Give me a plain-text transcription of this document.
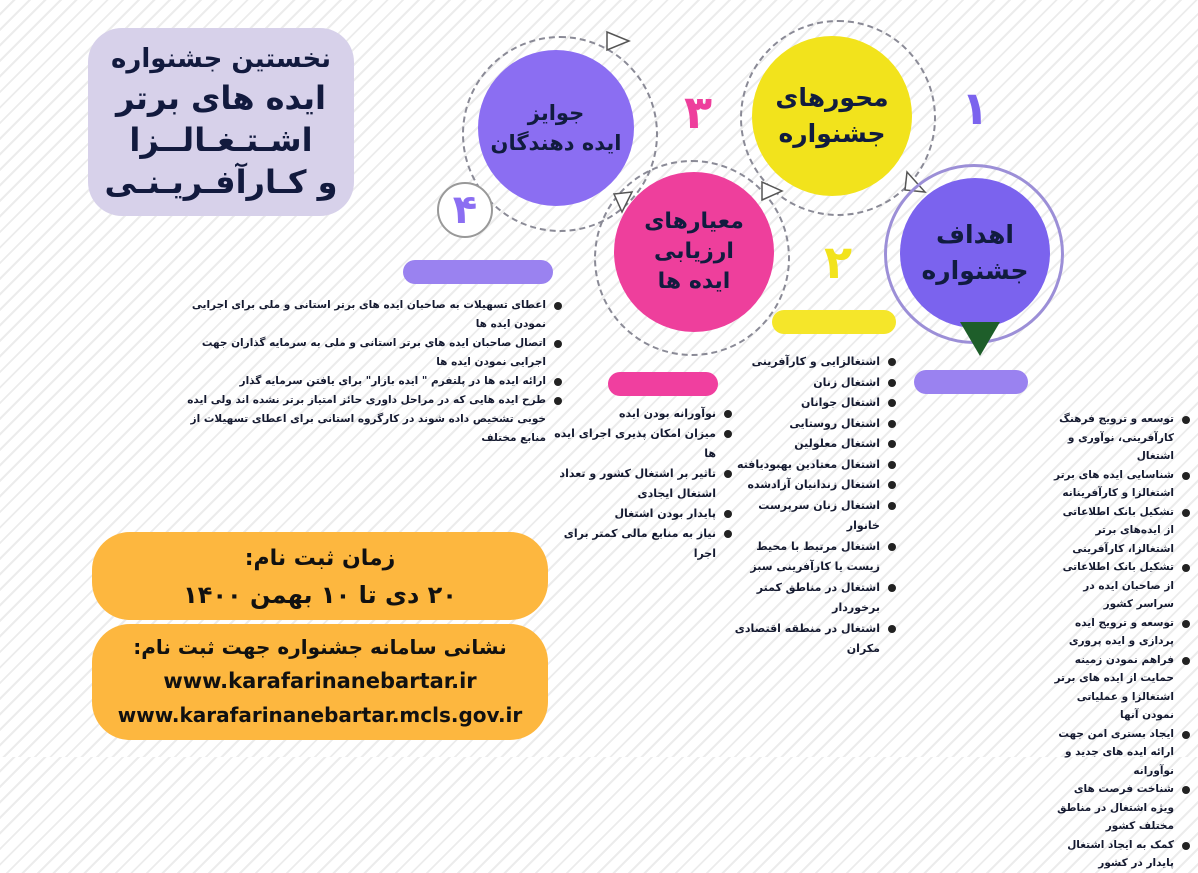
نخستین جشنواره
ایده های برتر
اشـتـغـالــزا
و کـارآفـریـنـی
جوایز
ایده دهندگان
۳	محورهای
جشنواره	۱
اهداف
جشنواره
معیارهای
ارزیابی
ایده ها	۲
۴
اعطای تسهیلات به صاحبان ایده های برتر استانی و ملی برای اجرایی نمودن ایده ها
اتصال صاحبان ایده های برتر استانی و ملی به سرمایه گذاران جهت اجرایی نمودن ایده ها
ارائه ایده ها در پلتفرم " ایده بازار" برای یافتن سرمایه گذار
طرح ایده هایی که در مراحل داوری حائز امتیاز برتر نشده اند ولی ایده خوبی تشخیص داده شوند در کارگروه استانی برای اعطای تسهیلات از منابع مختلف
نوآورانه بودن ایده
میزان امکان پذیری اجرای ایده ها
تاثیر بر اشتغال کشور و تعداد اشتغال ایجادی
پایدار بودن اشتغال
نیاز به منابع مالی کمتر برای اجرا
اشتغالزایی و کارآفرینی
اشتغال زنان
اشتغال جوانان
اشتغال روستایی
اشتغال معلولین
اشتغال معتادین بهبودیافته
اشتغال زندانیان آزادشده
اشتغال زنان سرپرست خانوار
اشتغال مرتبط با محیط زیست یا کارآفرینی سبز
اشتغال در مناطق کمتر برخوردار
اشتغال در منطقه اقتصادی مکران
توسعه و ترویج فرهنگ کارآفرینی، نوآوری و اشتغال
شناسایی ایده های برتر اشتغالزا و کارآفرینانه
تشکیل بانک اطلاعاتی از ایده‌های برتر اشتغالزا، کارآفرینی
تشکیل بانک اطلاعاتی از صاحبان ایده در سراسر کشور
توسعه و ترویج ایده پردازی و ایده پروری
فراهم نمودن زمینه حمایت از ایده های برتر اشتغالزا و عملیاتی نمودن آنها
ایجاد بستری امن جهت ارائه ایده های جدید و نوآورانه
شناخت فرصت های ویژه اشتغال در مناطق مختلف کشور
کمک به ایجاد اشتغال پایدار در کشور
زمان ثبت نام:
۲۰ دی تا ۱۰ بهمن ۱۴۰۰
نشانی سامانه جشنواره جهت ثبت نام:
www.karafarinanebartar.ir
www.karafarinanebartar.mcls.gov.ir
